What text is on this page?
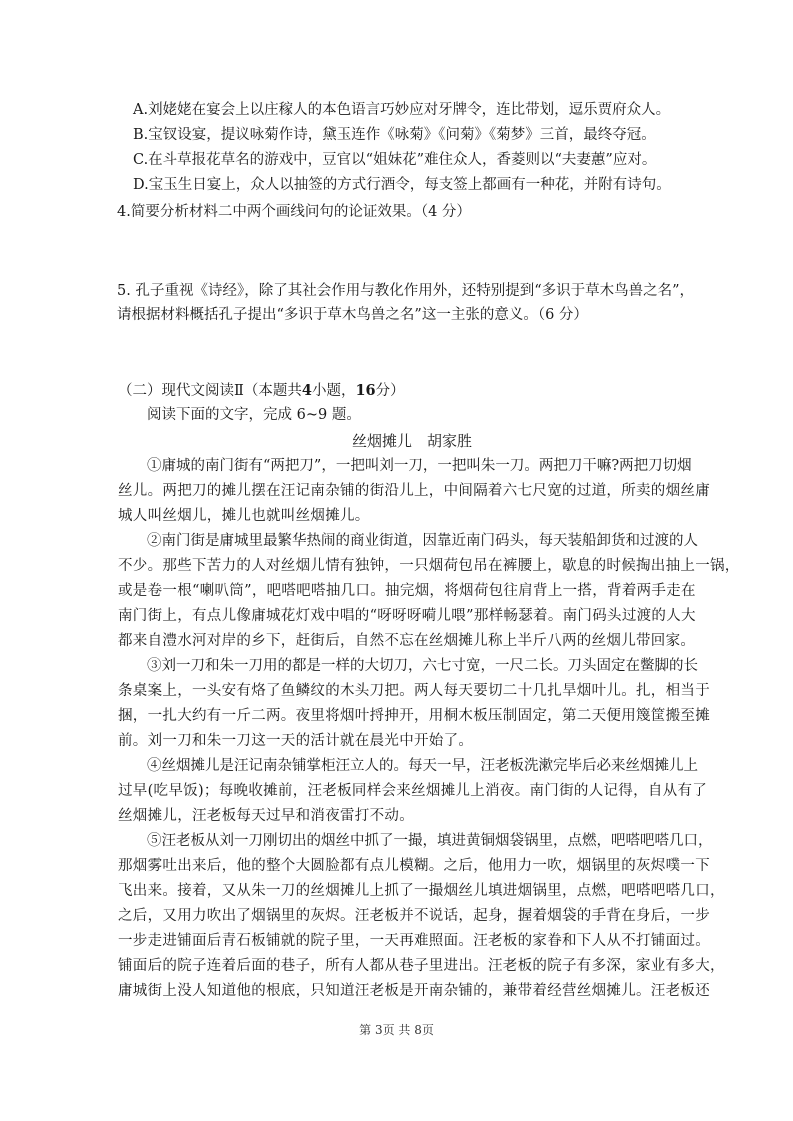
A.刘姥姥在宴会上以庄稼人的本色语言巧妙应对牙牌令，连比带划，逗乐贾府众人。
B.宝钗设宴，提议咏菊作诗，黛玉连作《咏菊》《问菊》《菊梦》三首，最终夺冠。
C.在斗草报花草名的游戏中，豆官以“姐妹花”难住众人，香菱则以“夫妻蕙”应对。
D.宝玉生日宴上，众人以抽签的方式行酒令，每支签上都画有一种花，并附有诗句。
4.简要分析材料二中两个画线问句的论证效果。（4 分）
5. 孔子重视《诗经》，除了其社会作用与教化作用外，还特别提到“多识于草木鸟兽之名”，
请根据材料概括孔子提出“多识于草木鸟兽之名”这一主张的意义。（6 分）
（二）现代文阅读Ⅱ（本题共4小题，16分）
阅读下面的文字，完成 6~9 题。
丝烟摊儿　胡家胜
①庸城的南门街有“两把刀”，一把叫刘一刀，一把叫朱一刀。两把刀干嘛?两把刀切烟
丝儿。两把刀的摊儿摆在汪记南杂铺的街沿儿上，中间隔着六七尺宽的过道，所卖的烟丝庸
城人叫丝烟儿，摊儿也就叫丝烟摊儿。
②南门街是庸城里最繁华热闹的商业街道，因靠近南门码头，每天装船卸货和过渡的人
不少。那些下苦力的人对丝烟儿情有独钟，一只烟荷包吊在裤腰上，歇息的时候掏出抽上一锅，
或是卷一根“喇叭筒”，吧嗒吧嗒抽几口。抽完烟，将烟荷包往肩背上一搭，背着两手走在
南门街上，有点儿像庸城花灯戏中唱的“呀呀呀嗬儿喂”那样畅瑟着。南门码头过渡的人大
都来自澧水河对岸的乡下，赶街后，自然不忘在丝烟摊儿称上半斤八两的丝烟儿带回家。
③刘一刀和朱一刀用的都是一样的大切刀，六七寸宽，一尺二长。刀头固定在鳖脚的长
条桌案上，一头安有烙了鱼鳞纹的木头刀把。两人每天要切二十几扎旱烟叶儿。扎，相当于
捆，一扎大约有一斤二两。夜里将烟叶捋抻开，用桐木板压制固定，第二天便用篾筐搬至摊
前。刘一刀和朱一刀这一天的活计就在晨光中开始了。
④丝烟摊儿是汪记南杂铺掌柜汪立人的。每天一早，汪老板洗漱完毕后必来丝烟摊儿上
过早(吃早饭)；每晚收摊前，汪老板同样会来丝烟摊儿上消夜。南门街的人记得，自从有了
丝烟摊儿，汪老板每天过早和消夜雷打不动。
⑤汪老板从刘一刀刚切出的烟丝中抓了一撮，填进黄铜烟袋锅里，点燃，吧嗒吧嗒几口，
那烟雾吐出来后，他的整个大圆脸都有点儿模糊。之后，他用力一吹，烟锅里的灰烬噗一下
飞出来。接着，又从朱一刀的丝烟摊儿上抓了一撮烟丝儿填进烟锅里，点燃，吧嗒吧嗒几口，
之后，又用力吹出了烟锅里的灰烬。汪老板并不说话，起身，握着烟袋的手背在身后，一步
一步走进铺面后青石板铺就的院子里，一天再难照面。汪老板的家眷和下人从不打铺面过。
铺面后的院子连着后面的巷子，所有人都从巷子里进出。汪老板的院子有多深，家业有多大，
庸城街上没人知道他的根底，只知道汪老板是开南杂铺的，兼带着经营丝烟摊儿。汪老板还
第 3页 共 8页
